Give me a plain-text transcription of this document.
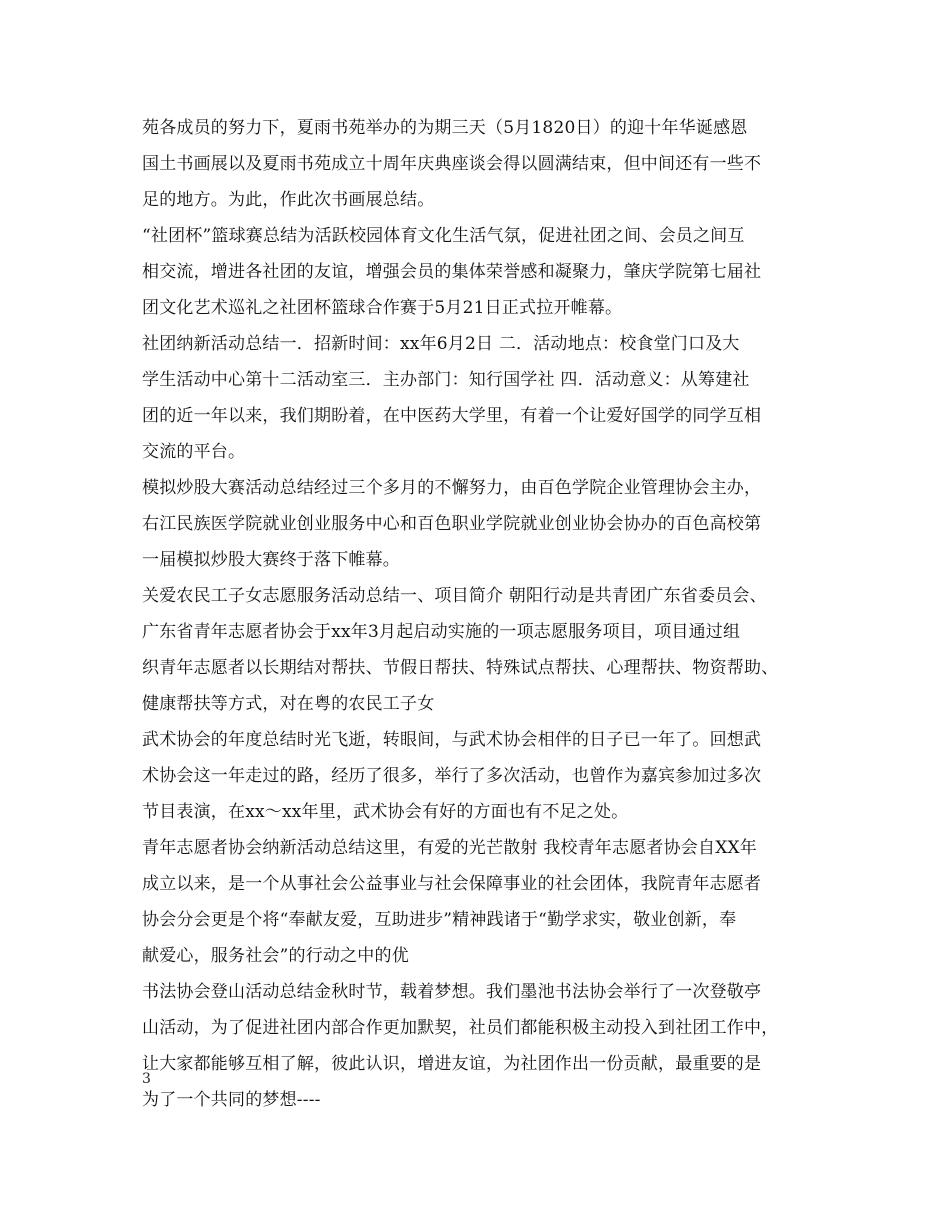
苑各成员的努力下，夏雨书苑举办的为期三天（5月1820日）的迎十年华诞感恩
国土书画展以及夏雨书苑成立十周年庆典座谈会得以圆满结束，但中间还有一些不
足的地方。为此，作此次书画展总结。

“社团杯”篮球赛总结为活跃校园体育文化生活气氛，促进社团之间、会员之间互
相交流，增进各社团的友谊，增强会员的集体荣誉感和凝聚力，肇庆学院第七届社
团文化艺术巡礼之社团杯篮球合作赛于5月21日正式拉开帷幕。

社团纳新活动总结一．招新时间：xx年6月2日 二．活动地点：校食堂门口及大
学生活动中心第十二活动室三．主办部门：知行国学社 四．活动意义：从筹建社
团的近一年以来，我们期盼着，在中医药大学里，有着一个让爱好国学的同学互相
交流的平台。

模拟炒股大赛活动总结经过三个多月的不懈努力，由百色学院企业管理协会主办，
右江民族医学院就业创业服务中心和百色职业学院就业创业协会协办的百色高校第
一届模拟炒股大赛终于落下帷幕。

关爱农民工子女志愿服务活动总结一、项目简介 朝阳行动是共青团广东省委员会、
广东省青年志愿者协会于xx年3月起启动实施的一项志愿服务项目，项目通过组
织青年志愿者以长期结对帮扶、节假日帮扶、特殊试点帮扶、心理帮扶、物资帮助、
健康帮扶等方式，对在粤的农民工子女

武术协会的年度总结时光飞逝，转眼间，与武术协会相伴的日子已一年了。回想武
术协会这一年走过的路，经历了很多，举行了多次活动，也曾作为嘉宾参加过多次
节目表演，在xx～xx年里，武术协会有好的方面也有不足之处。

青年志愿者协会纳新活动总结这里，有爱的光芒散射 我校青年志愿者协会自XX年
成立以来，是一个从事社会公益事业与社会保障事业的社会团体，我院青年志愿者
协会分会更是个将“奉献友爱，互助进步”精神践诸于“勤学求实，敬业创新，奉
献爱心，服务社会”的行动之中的优

书法协会登山活动总结金秋时节，载着梦想。我们墨池书法协会举行了一次登敬亭
山活动，为了促进社团内部合作更加默契，社员们都能积极主动投入到社团工作中，
让大家都能够互相了解，彼此认识，增进友谊，为社团作出一份贡献，最重要的是
为了一个共同的梦想----

3
